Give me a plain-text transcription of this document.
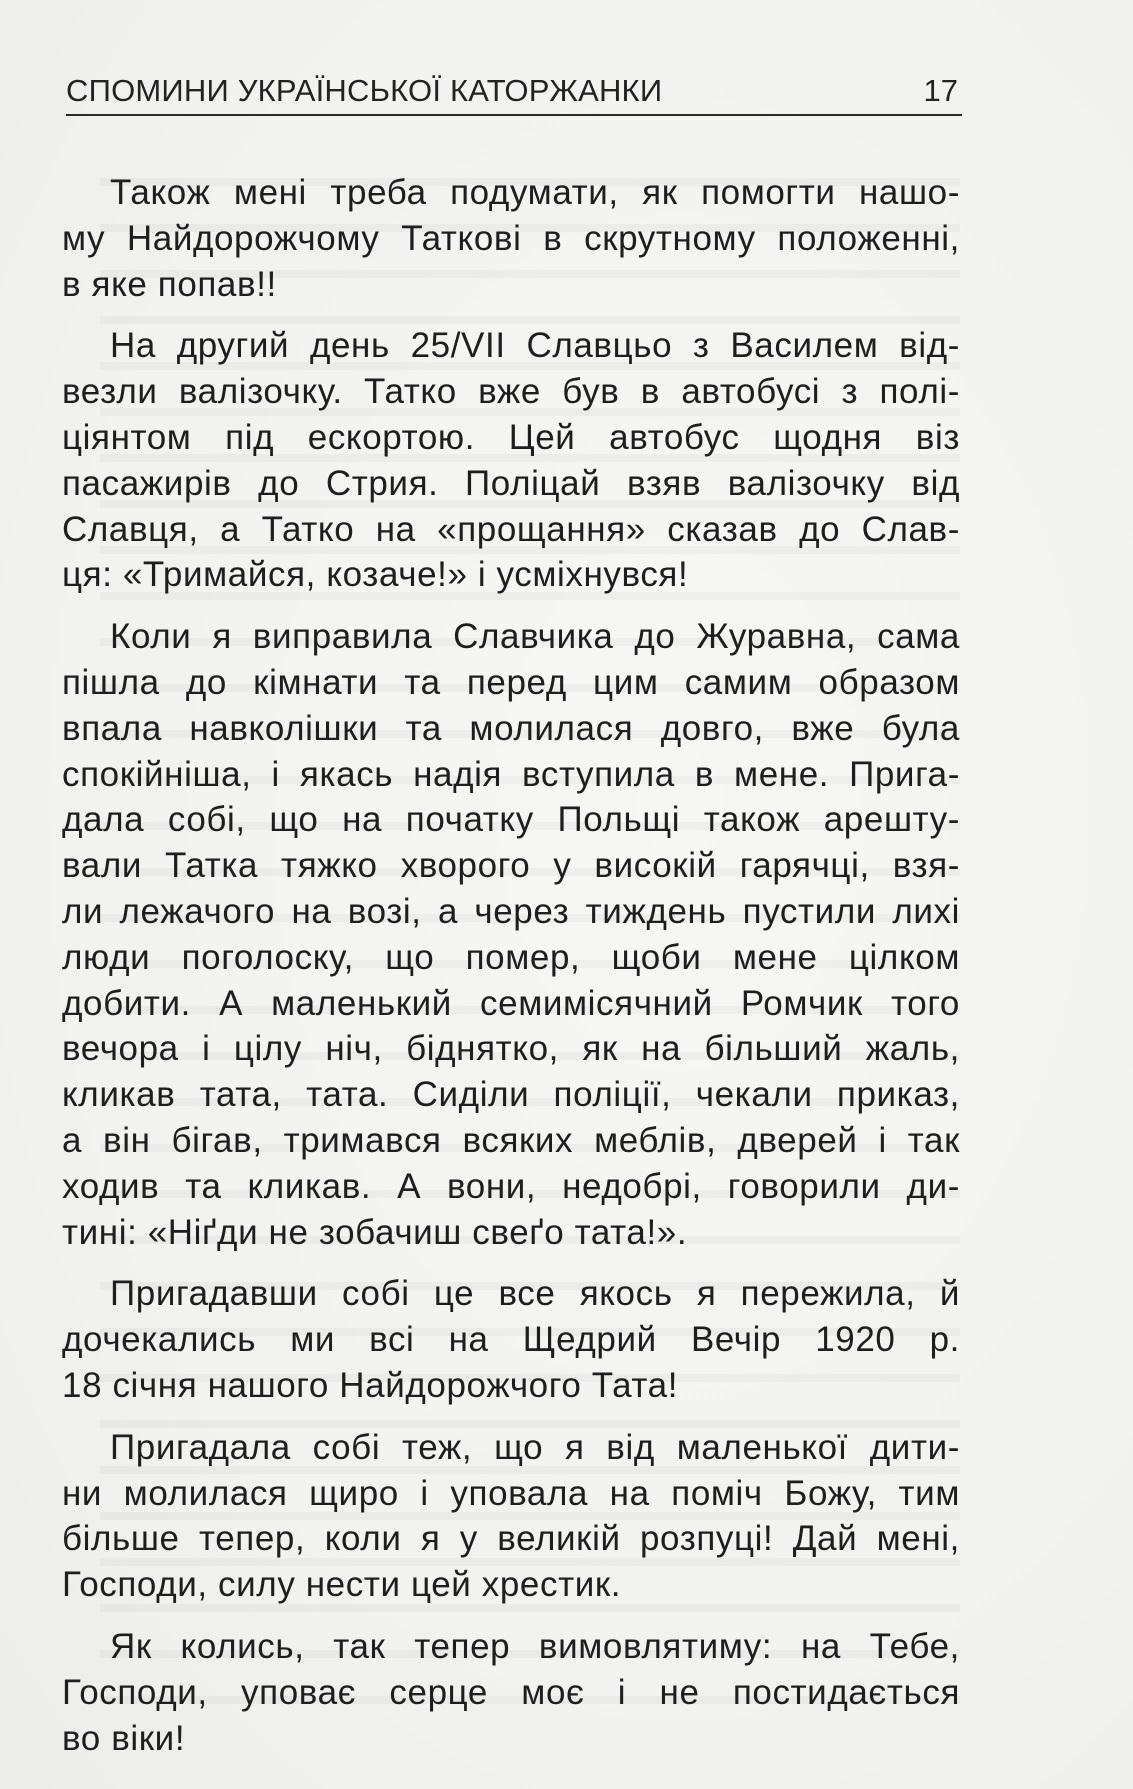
СПОМИНИ УКРАЇНСЬКОЇ КАТОРЖАНКИ	17
Також мені треба подумати, як помогти нашо-
му Найдорожчому Таткові в скрутному положенні,
в яке попав!!
На другий день 25/VII Славцьо з Василем від-
везли валізочку. Татко вже був в автобусі з полі-
ціянтом під ескортою. Цей автобус щодня віз
пасажирів до Стрия. Поліцай взяв валізочку від
Славця, а Татко на «прощання» сказав до Слав-
ця: «Тримайся, козаче!» і усміхнувся!
Коли я виправила Славчика до Журавна, сама
пішла до кімнати та перед цим самим образом
впала навколішки та молилася довго, вже була
спокійніша, і якась надія вступила в мене. Прига-
дала собі, що на початку Польщі також арешту-
вали Татка тяжко хворого у високій гарячці, взя-
ли лежачого на возі, а через тиждень пустили лихі
люди поголоску, що помер, щоби мене цілком
добити. А маленький семимісячний Ромчик того
вечора і цілу ніч, біднятко, як на більший жаль,
кликав тата, тата. Сиділи поліції, чекали приказ,
а він бігав, тримався всяких меблів, дверей і так
ходив та кликав. А вони, недобрі, говорили ди-
тині: «Ніґди не зобачиш свеґо тата!».
Пригадавши собі це все якось я пережила, й
дочекались ми всі на Щедрий Вечір 1920 р.
18 січня нашого Найдорожчого Тата!
Пригадала собі теж, що я від маленької дити-
ни молилася щиро і уповала на поміч Божу, тим
більше тепер, коли я у великій розпуці! Дай мені,
Господи, силу нести цей хрестик.
Як колись, так тепер вимовлятиму: на Тебе,
Господи, уповає серце моє і не постидається
во віки!
